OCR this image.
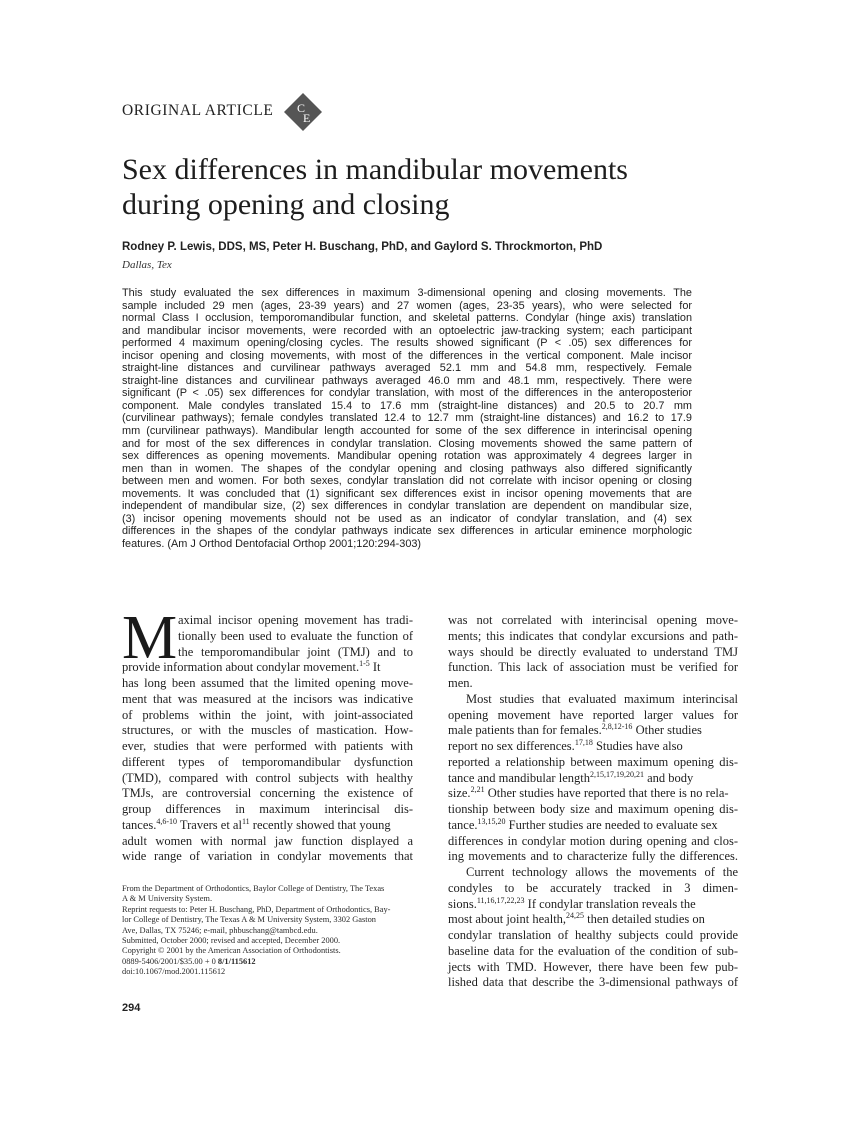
ORIGINAL ARTICLE C
E
Sex differences in mandibular movements
during opening and closing
Rodney P. Lewis, DDS, MS, Peter H. Buschang, PhD, and Gaylord S. Throckmorton, PhD
Dallas, Tex
This study evaluated the sex differences in maximum 3-dimensional opening and closing movements. The
sample included 29 men (ages, 23-39 years) and 27 women (ages, 23-35 years), who were selected for
normal Class I occlusion, temporomandibular function, and skeletal patterns. Condylar (hinge axis) translation
and mandibular incisor movements, were recorded with an optoelectric jaw-tracking system; each participant
performed 4 maximum opening/closing cycles. The results showed significant (P < .05) sex differences for
incisor opening and closing movements, with most of the differences in the vertical component. Male incisor
straight-line distances and curvilinear pathways averaged 52.1 mm and 54.8 mm, respectively. Female
straight-line distances and curvilinear pathways averaged 46.0 mm and 48.1 mm, respectively. There were
significant (P < .05) sex differences for condylar translation, with most of the differences in the anteroposterior
component. Male condyles translated 15.4 to 17.6 mm (straight-line distances) and 20.5 to 20.7 mm
(curvilinear pathways); female condyles translated 12.4 to 12.7 mm (straight-line distances) and 16.2 to 17.9
mm (curvilinear pathways). Mandibular length accounted for some of the sex difference in interincisal opening
and for most of the sex differences in condylar translation. Closing movements showed the same pattern of
sex differences as opening movements. Mandibular opening rotation was approximately 4 degrees larger in
men than in women. The shapes of the condylar opening and closing pathways also differed significantly
between men and women. For both sexes, condylar translation did not correlate with incisor opening or closing
movements. It was concluded that (1) significant sex differences exist in incisor opening movements that are
independent of mandibular size, (2) sex differences in condylar translation are dependent on mandibular size,
(3) incisor opening movements should not be used as an indicator of condylar translation, and (4) sex
differences in the shapes of the condylar pathways indicate sex differences in articular eminence morphologic
features. (Am J Orthod Dentofacial Orthop 2001;120:294-303)
M aximal incisor opening movement has tradi-
tionally been used to evaluate the function of
the temporomandibular joint (TMJ) and to
provide information about condylar movement.$^{1-5}$ It
has long been assumed that the limited opening move-
ment that was measured at the incisors was indicative
of problems within the joint, with joint-associated
structures, or with the muscles of mastication. How-
ever, studies that were performed with patients with
different types of temporomandibular dysfunction
(TMD), compared with control subjects with healthy
TMJs, are controversial concerning the existence of
group differences in maximum interincisal dis-
tances.$^{4,6-10}$ Travers et $al^{11}$ recently showed that young
adult women with normal jaw function displayed a
wide range of variation in condylar movements that
was not correlated with interincisal opening move-
ments; this indicates that condylar excursions and path-
ways should be directly evaluated to understand TMJ
function. This lack of association must be verified for
men.
Most studies that evaluated maximum interincisal
opening movement have reported larger values for
male patients than for females.$^{2,8,12-16}$ Other studies
report no sex differences.$^{17,18}$ Studies have also
reported a relationship between maximum opening dis-
tance and mandibular length$^{2,15,17,19,20,21}$ and body
size.$^{2,21}$ Other studies have reported that there is no rela-
tionship between body size and maximum opening dis-
tance.$^{13,15,20}$ Further studies are needed to evaluate sex
differences in condylar motion during opening and clos-
ing movements and to characterize fully the differences.
Current technology allows the movements of the
condyles to be accurately tracked in 3 dimen-
sions.$^{11,16,17,22,23}$ If condylar translation reveals the
most about joint health,$^{24,25}$ then detailed studies on
condylar translation of healthy subjects could provide
baseline data for the evaluation of the condition of sub-
jects with TMD. However, there have been few pub-
lished data that describe the 3-dimensional pathways of
From the Department of Orthodontics, Baylor College of Dentistry, The Texas
A & M University System.
Reprint requests to: Peter H. Buschang, PhD, Department of Orthodontics, Bay-
lor College of Dentistry, The Texas A & M University System, 3302 Gaston
Ave, Dallas, TX 75246; e-mail, phbuschang@tambcd.edu.
Submitted, October 2000; revised and accepted, December 2000.
Copyright © 2001 by the American Association of Orthodontists.
0889-5406/2001/$35.00 + 0 8/1/115612
doi:10.1067/mod.2001.115612
294
